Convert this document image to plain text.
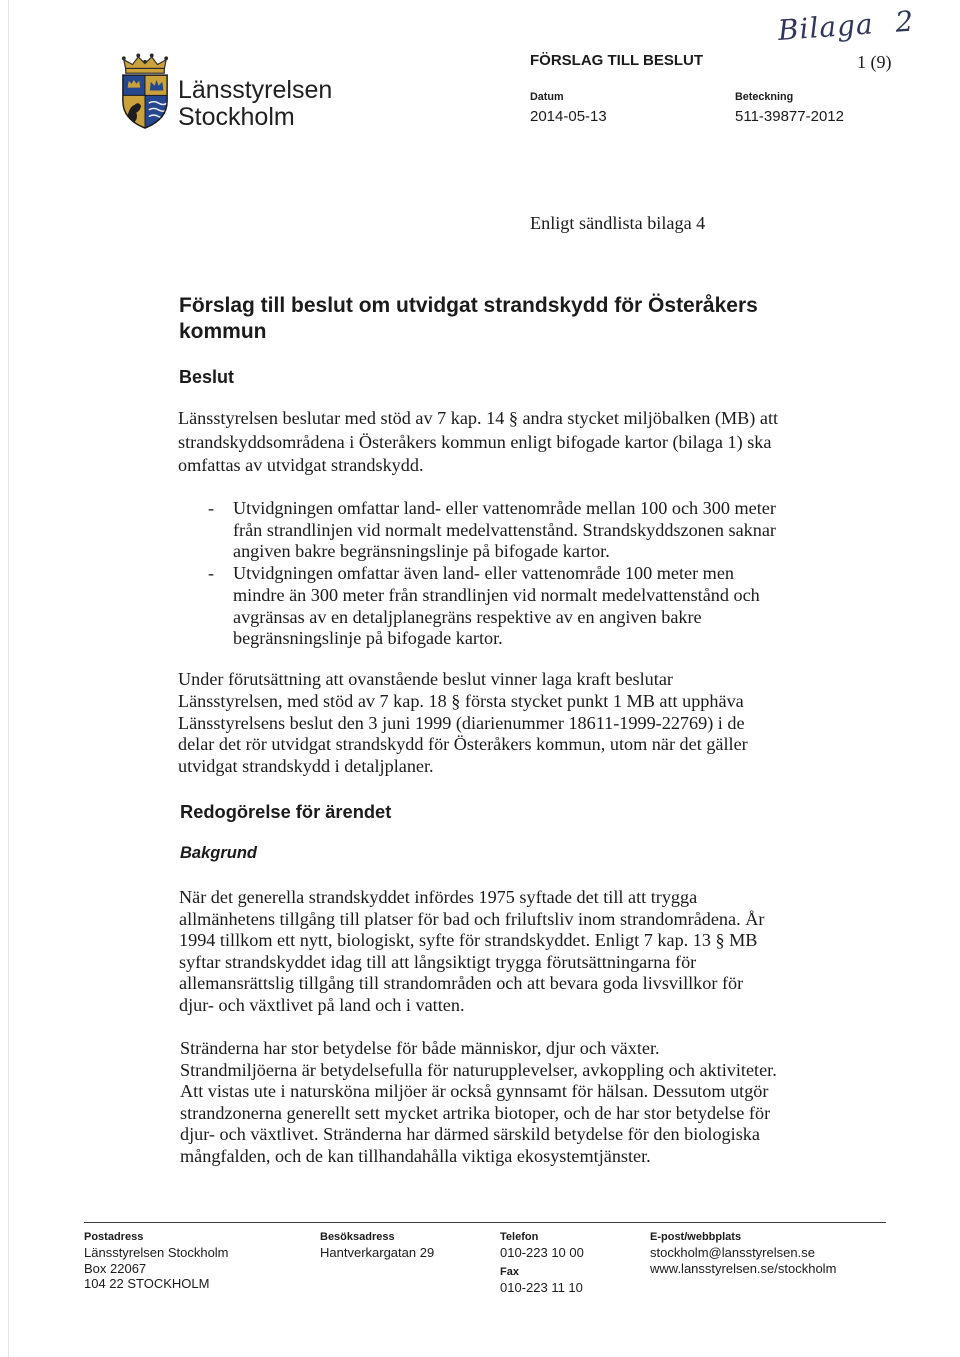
Länsstyrelsen
Stockholm
FÖRSLAG TILL BESLUT
Bilaga 2
1 (9)
Datum
2014-05-13
Beteckning
511-39877-2012
Enligt sändlista bilaga 4
Förslag till beslut om utvidgat strandskydd för Österåkers
kommun
Beslut
Länsstyrelsen beslutar med stöd av 7 kap. 14 § andra stycket miljöbalken (MB) att
strandskyddsområdena i Österåkers kommun enligt bifogade kartor (bilaga 1) ska
omfattas av utvidgat strandskydd.
- Utvidgningen omfattar land- eller vattenområde mellan 100 och 300 meter
från strandlinjen vid normalt medelvattenstånd. Strandskyddszonen saknar
angiven bakre begränsningslinje på bifogade kartor.
- Utvidgningen omfattar även land- eller vattenområde 100 meter men
mindre än 300 meter från strandlinjen vid normalt medelvattenstånd och
avgränsas av en detaljplanegräns respektive av en angiven bakre
begränsningslinje på bifogade kartor.
Under förutsättning att ovanstående beslut vinner laga kraft beslutar
Länsstyrelsen, med stöd av 7 kap. 18 § första stycket punkt 1 MB att upphäva
Länsstyrelsens beslut den 3 juni 1999 (diarienummer 18611-1999-22769) i de
delar det rör utvidgat strandskydd för Österåkers kommun, utom när det gäller
utvidgat strandskydd i detaljplaner.
Redogörelse för ärendet
Bakgrund
När det generella strandskyddet infördes 1975 syftade det till att trygga
allmänhetens tillgång till platser för bad och friluftsliv inom strandområdena. År
1994 tillkom ett nytt, biologiskt, syfte för strandskyddet. Enligt 7 kap. 13 § MB
syftar strandskyddet idag till att långsiktigt trygga förutsättningarna för
allemansrättslig tillgång till strandområden och att bevara goda livsvillkor för
djur- och växtlivet på land och i vatten.
Stränderna har stor betydelse för både människor, djur och växter.
Strandmiljöerna är betydelsefulla för naturupplevelser, avkoppling och aktiviteter.
Att vistas ute i natursköna miljöer är också gynnsamt för hälsan. Dessutom utgör
strandzonerna generellt sett mycket artrika biotoper, och de har stor betydelse för
djur- och växtlivet. Stränderna har därmed särskild betydelse för den biologiska
mångfalden, och de kan tillhandahålla viktiga ekosystemtjänster.
Postadress
Länsstyrelsen Stockholm
Box 22067
104 22 STOCKHOLM
Besöksadress
Hantverkargatan 29
Telefon
010-223 10 00
Fax
010-223 11 10
E-post/webbplats
stockholm@lansstyrelsen.se
www.lansstyrelsen.se/stockholm
